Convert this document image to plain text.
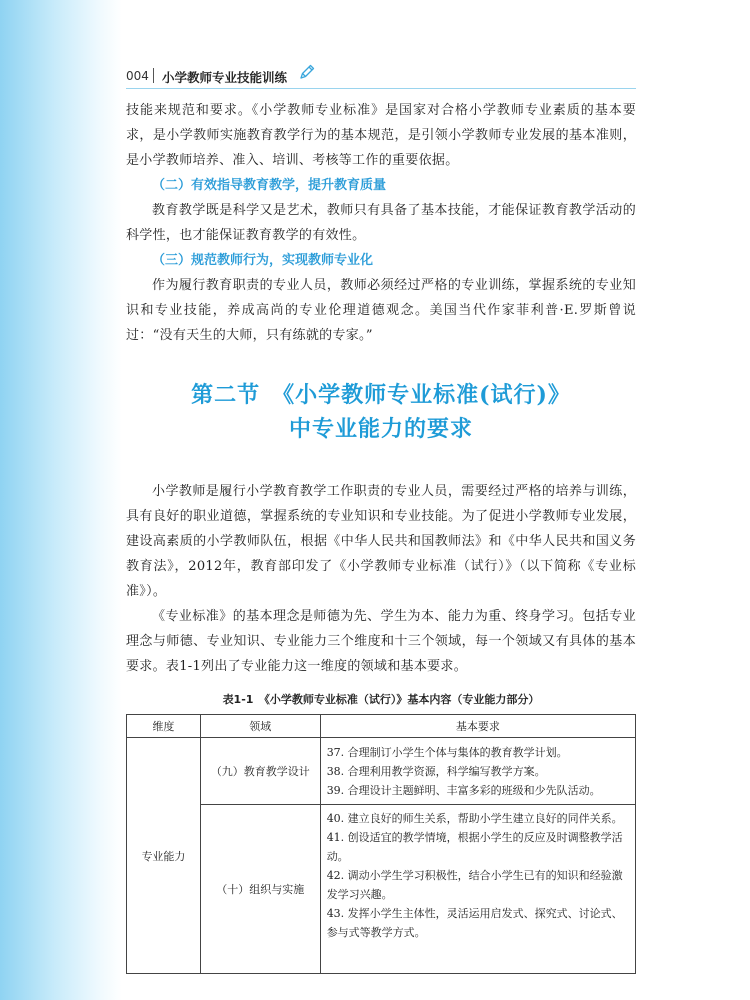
004 小学教师专业技能训练

技能来规范和要求。《小学教师专业标准》是国家对合格小学教师专业素质的基本要求，是小学教师实施教育教学行为的基本规范，是引领小学教师专业发展的基本准则，是小学教师培养、准入、培训、考核等工作的重要依据。

（二）有效指导教育教学，提升教育质量

教育教学既是科学又是艺术，教师只有具备了基本技能，才能保证教育教学活动的科学性，也才能保证教育教学的有效性。

（三）规范教师行为，实现教师专业化

作为履行教育职责的专业人员，教师必须经过严格的专业训练，掌握系统的专业知识和专业技能，养成高尚的专业伦理道德观念。美国当代作家菲利普·E.罗斯曾说过：“没有天生的大师，只有练就的专家。”

第二节　《小学教师专业标准(试行)》
中专业能力的要求

小学教师是履行小学教育教学工作职责的专业人员，需要经过严格的培养与训练，具有良好的职业道德，掌握系统的专业知识和专业技能。为了促进小学教师专业发展，建设高素质的小学教师队伍，根据《中华人民共和国教师法》和《中华人民共和国义务教育法》，2012年，教育部印发了《小学教师专业标准（试行）》（以下简称《专业标准》）。

《专业标准》的基本理念是师德为先、学生为本、能力为重、终身学习。包括专业理念与师德、专业知识、专业能力三个维度和十三个领域，每一个领域又有具体的基本要求。表1-1列出了专业能力这一维度的领域和基本要求。

表1-1　《小学教师专业标准（试行）》基本内容（专业能力部分）
维度	领域	基本要求
专业能力	（九）教育教学设计	37. 合理制订小学生个体与集体的教育教学计划。
38. 合理利用教学资源，科学编写教学方案。
39. 合理设计主题鲜明、丰富多彩的班级和少先队活动。

	（十）组织与实施	40. 建立良好的师生关系，帮助小学生建立良好的同伴关系。
41. 创设适宜的教学情境，根据小学生的反应及时调整教学活动。
42. 调动小学生学习积极性，结合小学生已有的知识和经验激发学习兴趣。
43. 发挥小学生主体性，灵活运用启发式、探究式、讨论式、参与式等教学方式。
